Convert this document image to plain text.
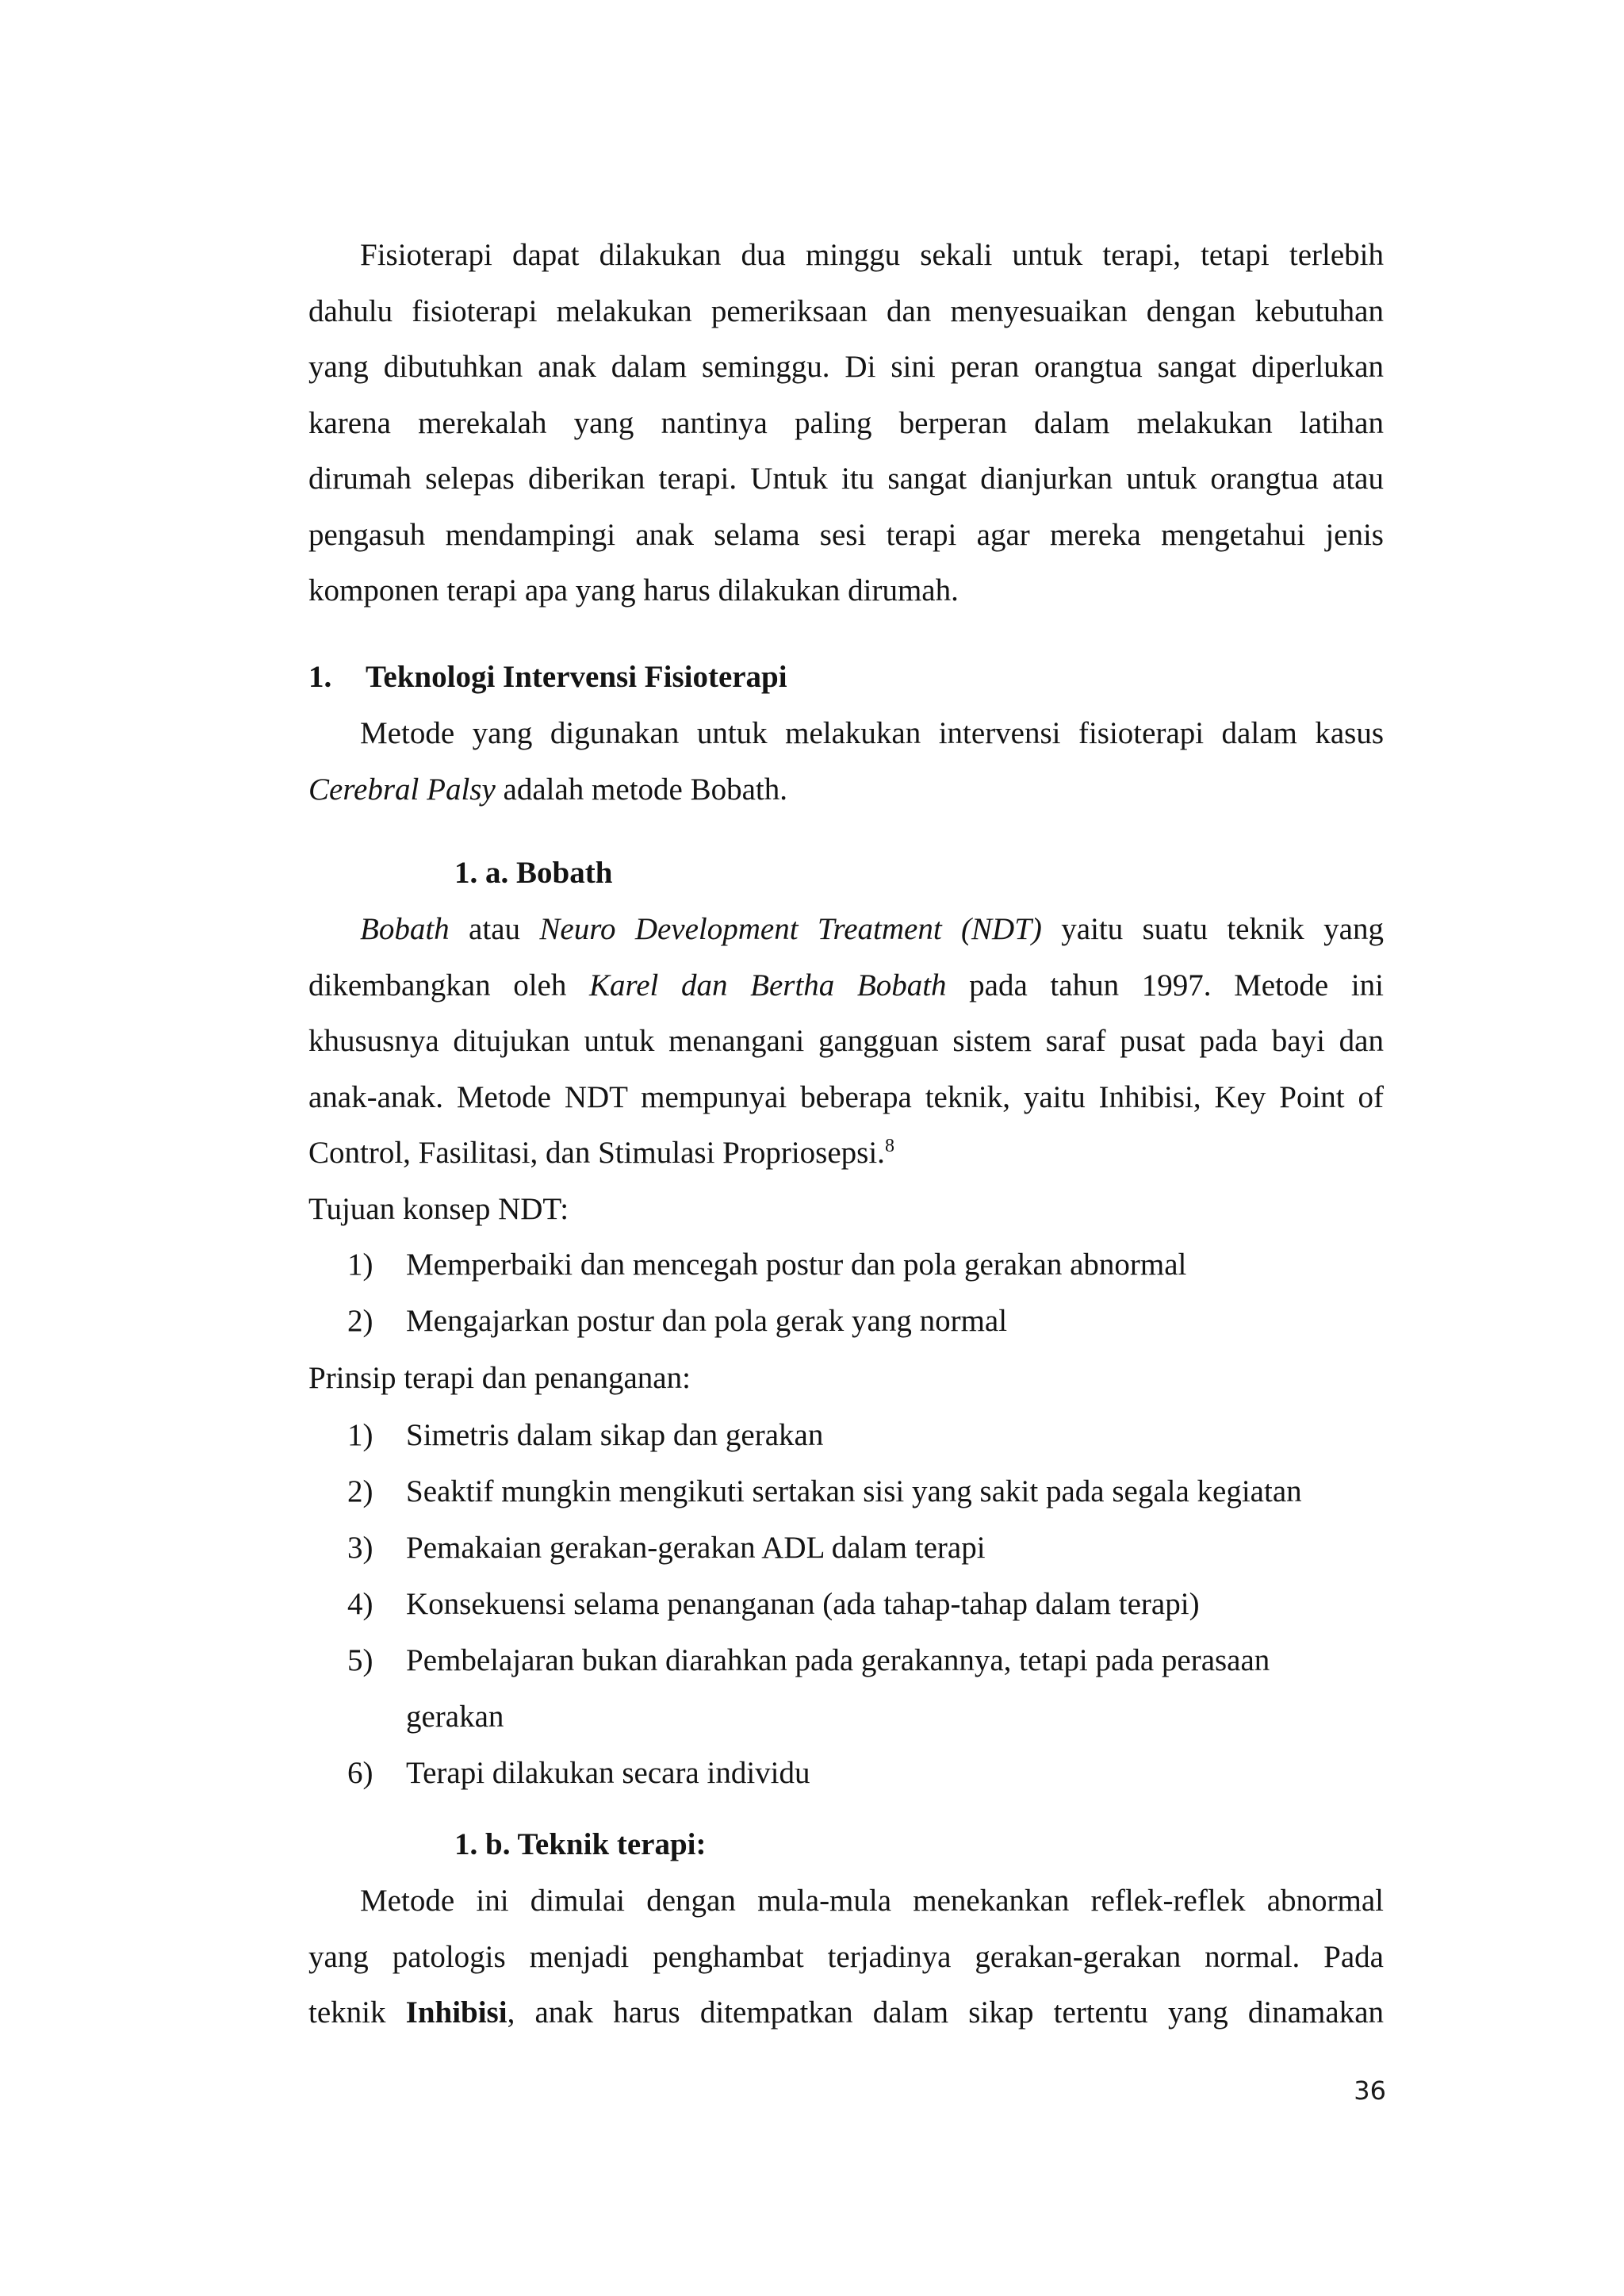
Fisioterapi dapat dilakukan dua minggu sekali untuk terapi, tetapi terlebih
dahulu fisioterapi melakukan pemeriksaan dan menyesuaikan dengan kebutuhan
yang dibutuhkan anak dalam seminggu. Di sini peran orangtua sangat diperlukan
karena merekalah yang nantinya paling berperan dalam melakukan latihan
dirumah selepas diberikan terapi. Untuk itu sangat dianjurkan untuk orangtua atau
pengasuh mendampingi anak selama sesi terapi agar mereka mengetahui jenis
komponen terapi apa yang harus dilakukan dirumah.
1. Teknologi Intervensi Fisioterapi
Metode yang digunakan untuk melakukan intervensi fisioterapi dalam kasus
Cerebral Palsy adalah metode Bobath.
1. a. Bobath
Bobath atau Neuro Development Treatment (NDT) yaitu suatu teknik yang
dikembangkan oleh Karel dan Bertha Bobath pada tahun 1997. Metode ini
khususnya ditujukan untuk menangani gangguan sistem saraf pusat pada bayi dan
anak-anak. Metode NDT mempunyai beberapa teknik, yaitu Inhibisi, Key Point of
Control, Fasilitasi, dan Stimulasi Propriosepsi.$^8$
Tujuan konsep NDT:
1) Memperbaiki dan mencegah postur dan pola gerakan abnormal
2) Mengajarkan postur dan pola gerak yang normal
Prinsip terapi dan penanganan:
1) Simetris dalam sikap dan gerakan
2) Seaktif mungkin mengikuti sertakan sisi yang sakit pada segala kegiatan
3) Pemakaian gerakan-gerakan ADL dalam terapi
4) Konsekuensi selama penanganan (ada tahap-tahap dalam terapi)
5) Pembelajaran bukan diarahkan pada gerakannya, tetapi pada perasaan gerakan
6) Terapi dilakukan secara individu
1. b. Teknik terapi:
Metode ini dimulai dengan mula-mula menekankan reflek-reflek abnormal
yang patologis menjadi penghambat terjadinya gerakan-gerakan normal. Pada
teknik Inhibisi, anak harus ditempatkan dalam sikap tertentu yang dinamakan
36
